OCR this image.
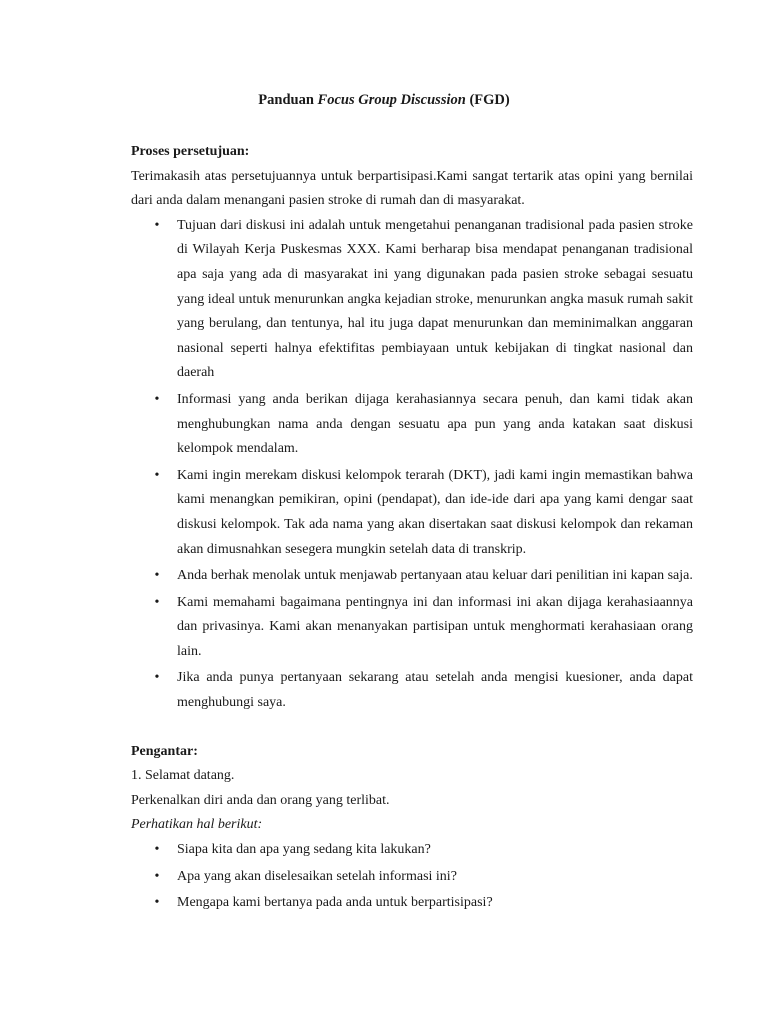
Panduan Focus Group Discussion (FGD)

Proses persetujuan:

Terimakasih atas persetujuannya untuk berpartisipasi.Kami sangat tertarik atas opini yang bernilai dari anda dalam menangani pasien stroke di rumah dan di masyarakat.

• Tujuan dari diskusi ini adalah untuk mengetahui penanganan tradisional pada pasien stroke di Wilayah Kerja Puskesmas XXX. Kami berharap bisa mendapat penanganan tradisional apa saja yang ada di masyarakat ini yang digunakan pada pasien stroke sebagai sesuatu yang ideal untuk menurunkan angka kejadian stroke, menurunkan angka masuk rumah sakit yang berulang, dan tentunya, hal itu juga dapat menurunkan dan meminimalkan anggaran nasional seperti halnya efektifitas pembiayaan untuk kebijakan di tingkat nasional dan daerah
• Informasi yang anda berikan dijaga kerahasiannya secara penuh, dan kami tidak akan menghubungkan nama anda dengan sesuatu apa pun yang anda katakan saat diskusi kelompok mendalam.
• Kami ingin merekam diskusi kelompok terarah (DKT), jadi kami ingin memastikan bahwa kami menangkan pemikiran, opini (pendapat), dan ide-ide dari apa yang kami dengar saat diskusi kelompok. Tak ada nama yang akan disertakan saat diskusi kelompok dan rekaman akan dimusnahkan sesegera mungkin setelah data di transkrip.
• Anda berhak menolak untuk menjawab pertanyaan atau keluar dari penilitian ini kapan saja.
• Kami memahami bagaimana pentingnya ini dan informasi ini akan dijaga kerahasiaannya dan privasinya. Kami akan menanyakan partisipan untuk menghormati kerahasiaan orang lain.
• Jika anda punya pertanyaan sekarang atau setelah anda mengisi kuesioner, anda dapat menghubungi saya.

Pengantar:

1. Selamat datang.

Perkenalkan diri anda dan orang yang terlibat.

Perhatikan hal berikut:

• Siapa kita dan apa yang sedang kita lakukan?
• Apa yang akan diselesaikan setelah informasi ini?
• Mengapa kami bertanya pada anda untuk berpartisipasi?
